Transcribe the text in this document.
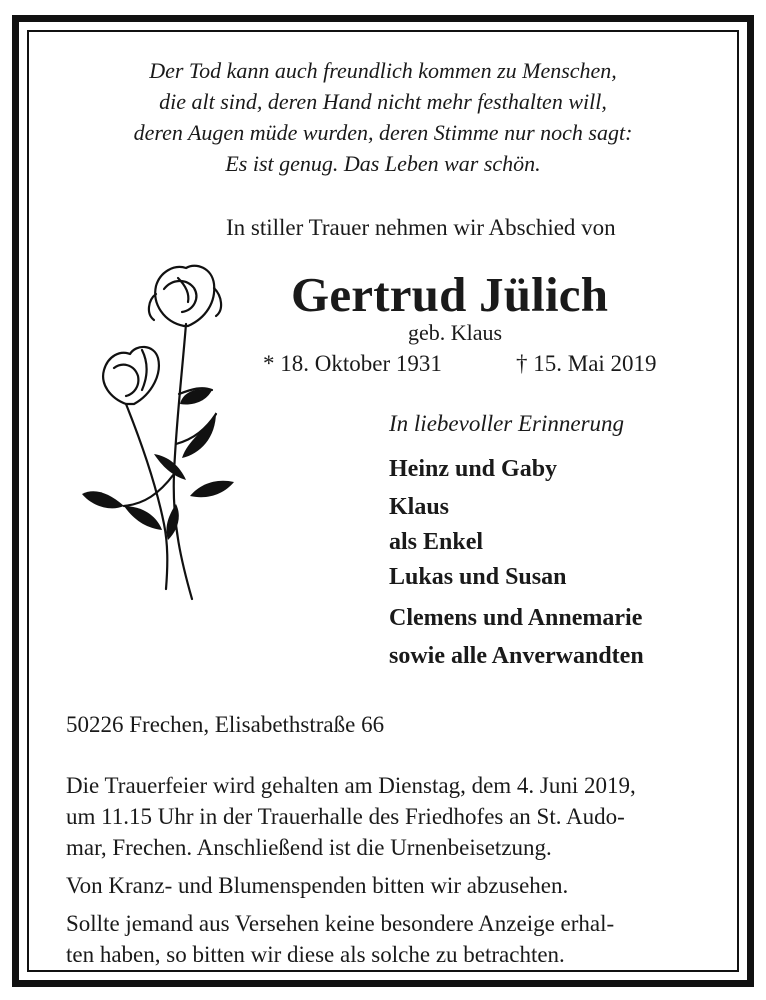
Der Tod kann auch freundlich kommen zu Menschen,
die alt sind, deren Hand nicht mehr festhalten will,
deren Augen müde wurden, deren Stimme nur noch sagt:
Es ist genug. Das Leben war schön.
In stiller Trauer nehmen wir Abschied von
Gertrud Jülich
geb. Klaus
* 18. Oktober 1931	† 15. Mai 2019
In liebevoller Erinnerung
Heinz und Gaby
Klaus
als Enkel
Lukas und Susan
Clemens und Annemarie
sowie alle Anverwandten
50226 Frechen, Elisabethstraße 66
Die Trauerfeier wird gehalten am Dienstag, dem 4. Juni 2019,
um 11.15 Uhr in der Trauerhalle des Friedhofes an St. Audo-
mar, Frechen. Anschließend ist die Urnenbeisetzung.
Von Kranz- und Blumenspenden bitten wir abzusehen.
Sollte jemand aus Versehen keine besondere Anzeige erhal-
ten haben, so bitten wir diese als solche zu betrachten.
